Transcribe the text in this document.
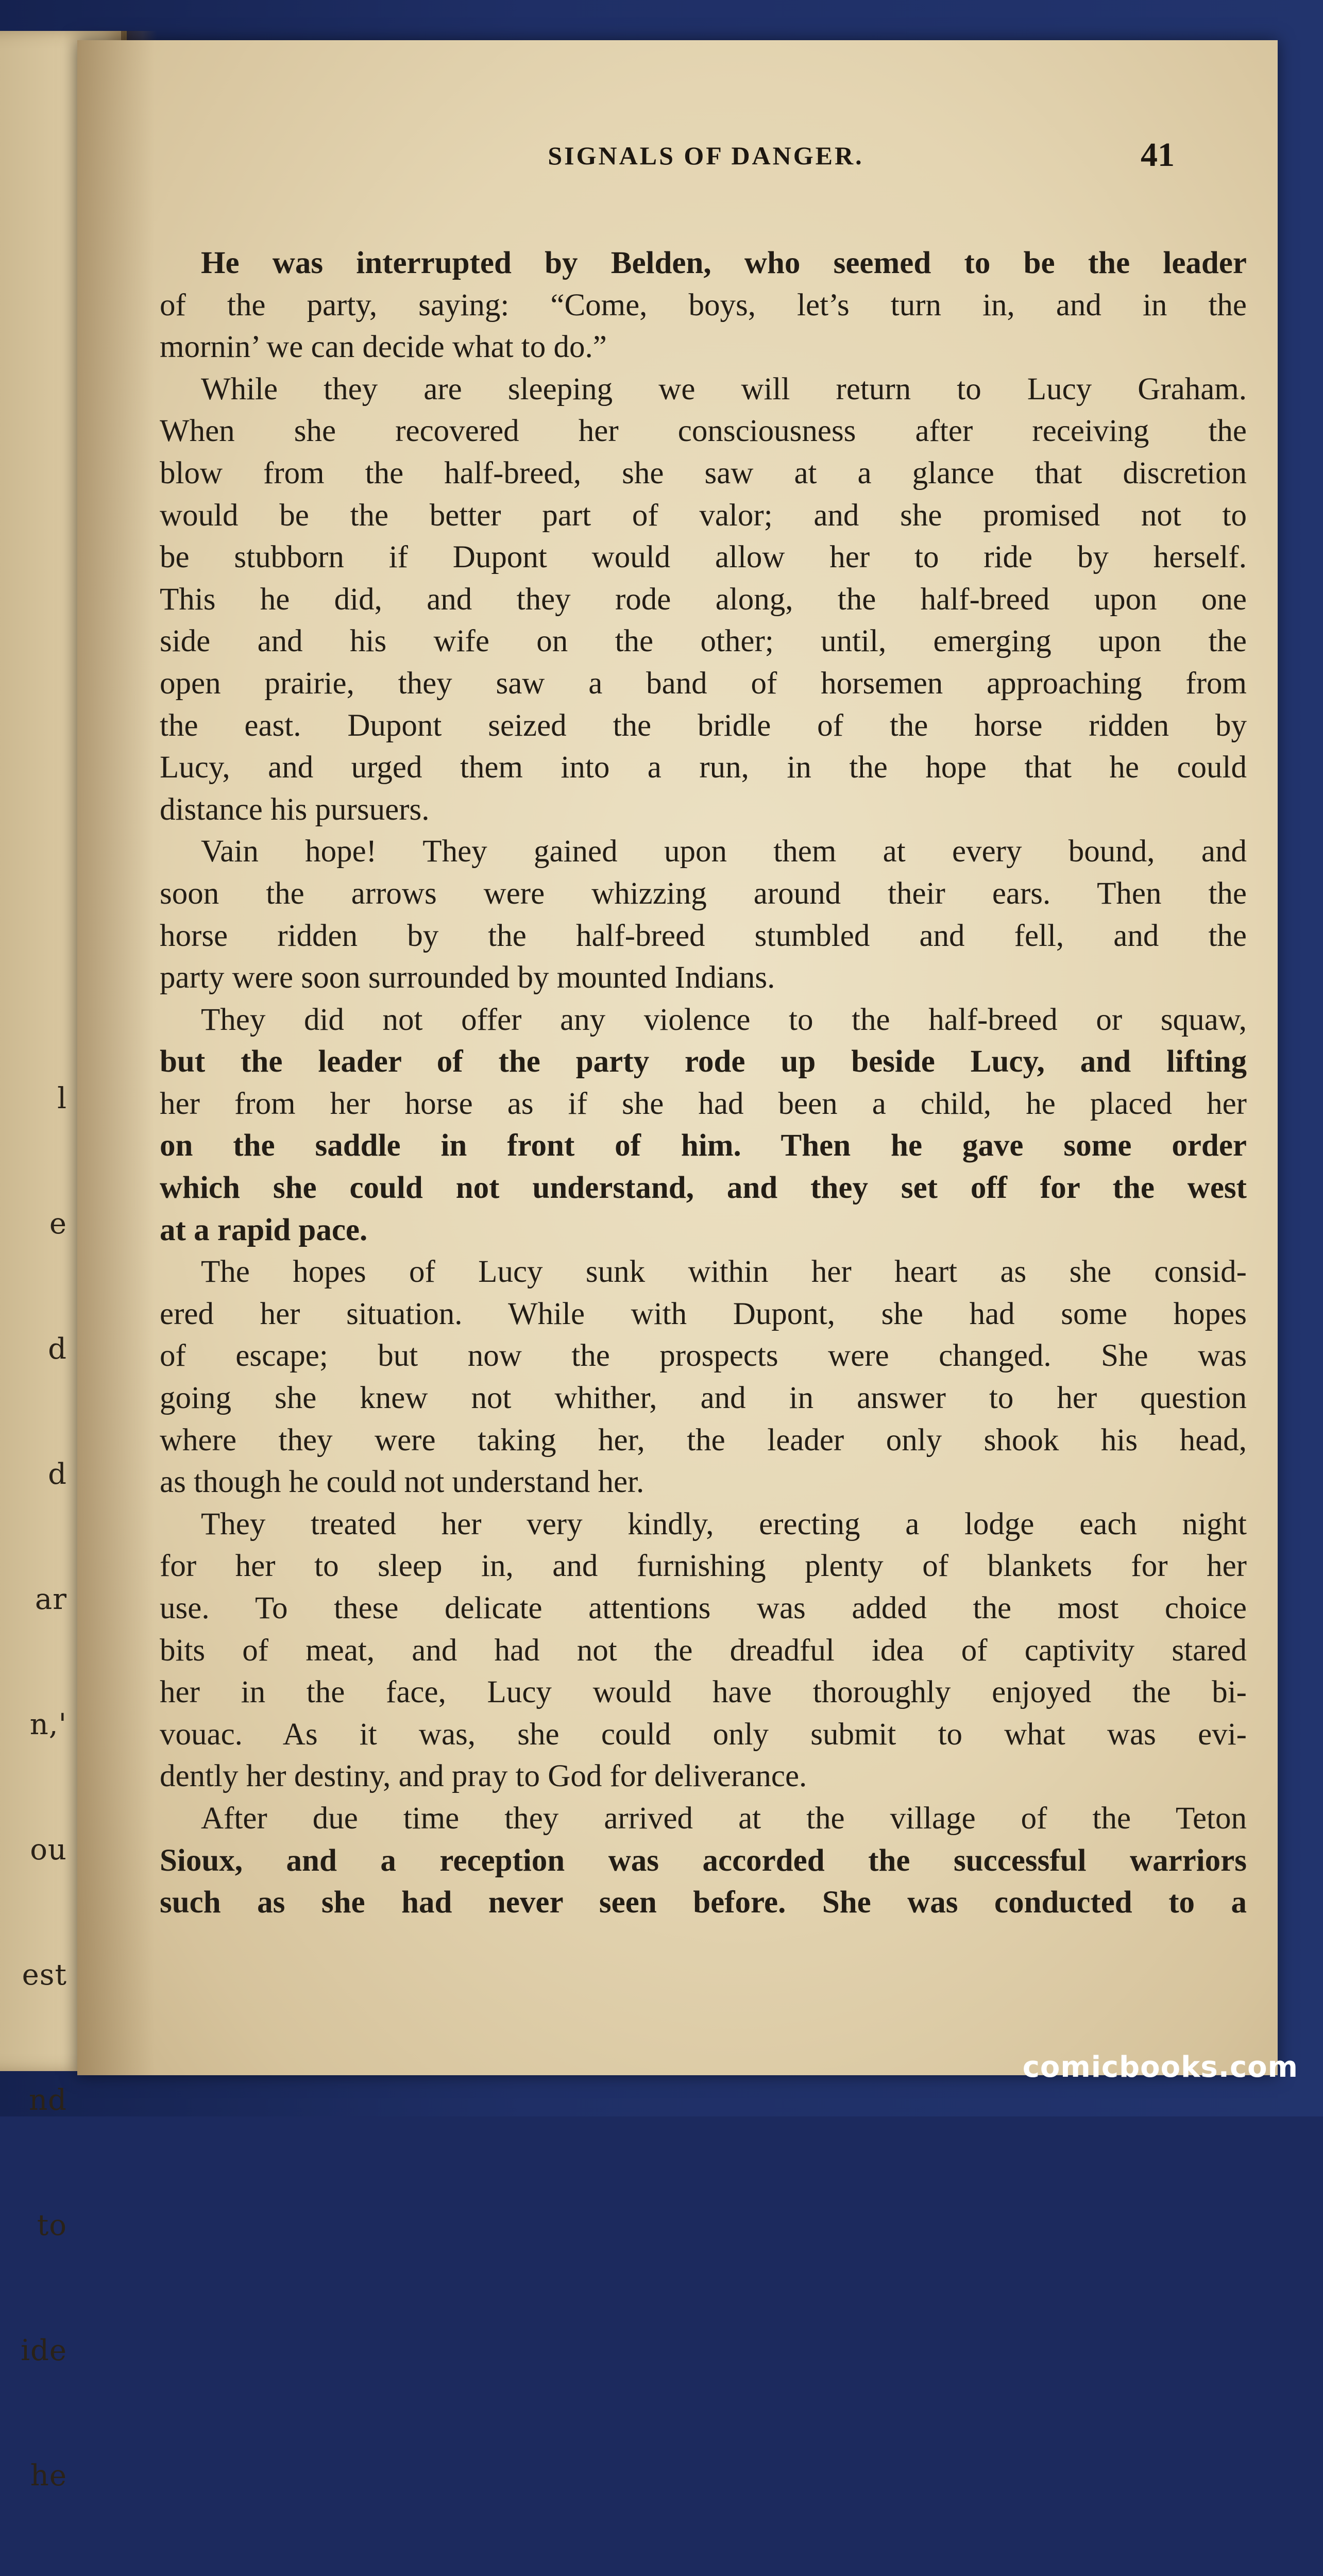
l

e

d

d

ar

n,'

ou

est

nd

to

ide

he

SIGNALS OF DANGER.	41
He was interrupted by Belden, who seemed to be the leader
of the party, saying: “Come, boys, let’s turn in, and in the
mornin’ we can decide what to do.”
While they are sleeping we will return to Lucy Graham.
When she recovered her consciousness after receiving the
blow from the half-breed, she saw at a glance that discretion
would be the better part of valor; and she promised not to
be stubborn if Dupont would allow her to ride by herself.
This he did, and they rode along, the half-breed upon one
side and his wife on the other; until, emerging upon the
open prairie, they saw a band of horsemen approaching from
the east. Dupont seized the bridle of the horse ridden by
Lucy, and urged them into a run, in the hope that he could
distance his pursuers.
Vain hope! They gained upon them at every bound, and
soon the arrows were whizzing around their ears. Then the
horse ridden by the half-breed stumbled and fell, and the
party were soon surrounded by mounted Indians.
They did not offer any violence to the half-breed or squaw,
but the leader of the party rode up beside Lucy, and lifting
her from her horse as if she had been a child, he placed her
on the saddle in front of him. Then he gave some order
which she could not understand, and they set off for the west
at a rapid pace.
The hopes of Lucy sunk within her heart as she consid-
ered her situation. While with Dupont, she had some hopes
of escape; but now the prospects were changed. She was
going she knew not whither, and in answer to her question
where they were taking her, the leader only shook his head,
as though he could not understand her.
They treated her very kindly, erecting a lodge each night
for her to sleep in, and furnishing plenty of blankets for her
use. To these delicate attentions was added the most choice
bits of meat, and had not the dreadful idea of captivity stared
her in the face, Lucy would have thoroughly enjoyed the bi-
vouac. As it was, she could only submit to what was evi-
dently her destiny, and pray to God for deliverance.
After due time they arrived at the village of the Teton
Sioux, and a reception was accorded the successful warriors
such as she had never seen before. She was conducted to a
comicbooks.com
